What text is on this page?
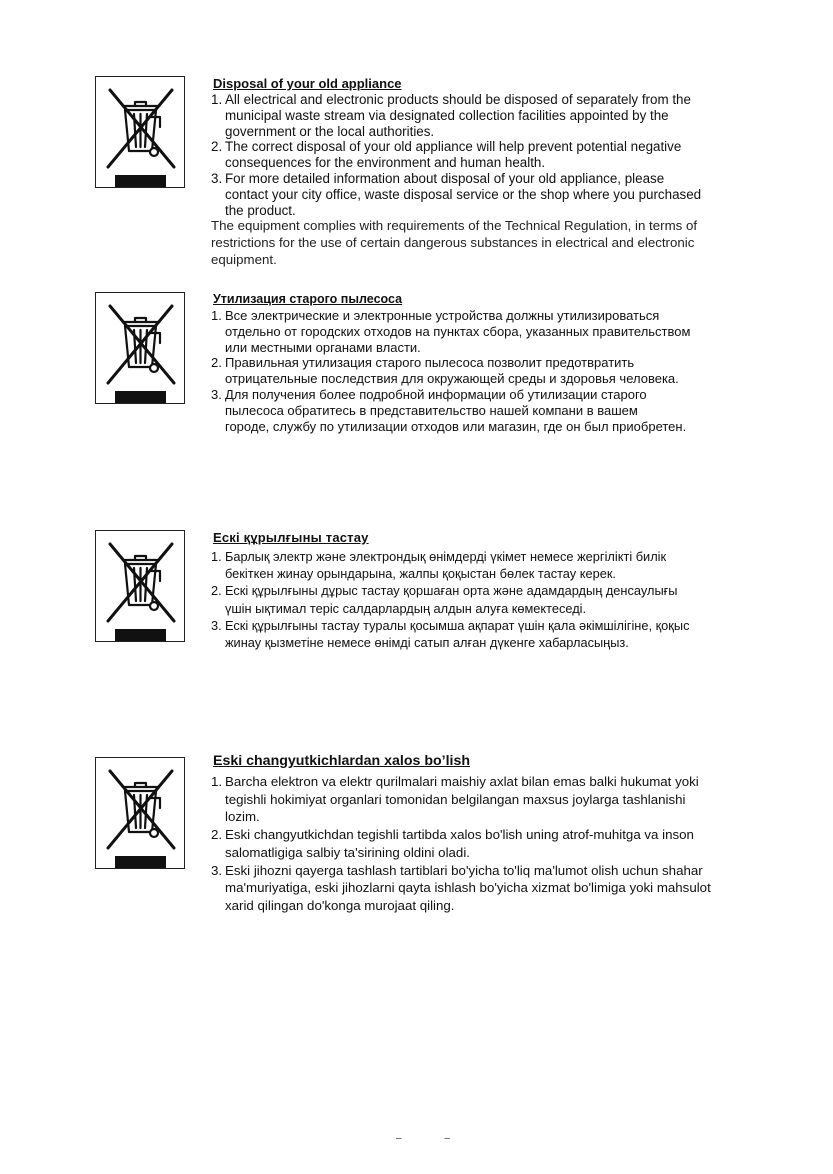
Disposal of your old appliance
1. All electrical and electronic products should be disposed of separately from the
municipal waste stream via designated collection facilities appointed by the
government or the local authorities.
2. The correct disposal of your old appliance will help prevent potential negative
consequences for the environment and human health.
3. For more detailed information about disposal of your old appliance, please
contact your city office, waste disposal service or the shop where you purchased
the product.
The equipment complies with requirements of the Technical Regulation, in terms of
restrictions for the use of certain dangerous substances in electrical and electronic
equipment.
Утилизация старого пылесоса
1. Все электрические и электронные устройства должны утилизироваться
отдельно от городских отходов на пунктах сбора, указанных правительством
или местными органами власти.
2. Правильная утилизация старого пылесоса позволит предотвратить
отрицательные последствия для окружающей среды и здоровья человека.
3. Для получения более подробной информации об утилизации старого
пылесоса обратитесь в представительство нашей компани в вашем
городе, службу по утилизации отходов или магазин, где он был приобретен.
Ескі құрылғыны тастау
1. Барлық электр және электрондық өнімдерді үкімет немесе жергілікті билік
бекіткен жинау орындарына, жалпы қоқыстан бөлек тастау керек.
2. Ескі құрылғыны дұрыс тастау қоршаған орта және адамдардың денсаулығы
үшін ықтимал теріс салдарлардың алдын алуға көмектеседі.
3. Ескі құрылғыны тастау туралы қосымша ақпарат үшін қала әкімшілігіне, қоқыс
жинау қызметіне немесе өнімді сатып алған дүкенге хабарласыңыз.
Eski changyutkichlardan xalos bo’lish
1. Barcha elektron va elektr qurilmalari maishiy axlat bilan emas balki hukumat yoki
tegishli hokimiyat organlari tomonidan belgilangan maxsus joylarga tashlanishi
lozim.
2. Eski changyutkichdan tegishli tartibda xalos bo'lish uning atrof-muhitga va inson
salomatligiga salbiy ta'sirining oldini oladi.
3. Eski jihozni qayerga tashlash tartiblari bo'yicha to'liq ma'lumot olish uchun shahar
ma'muriyatiga, eski jihozlarni qayta ishlash bo'yicha xizmat bo'limiga yoki mahsulot
xarid qilingan do'konga murojaat qiling.
– –
